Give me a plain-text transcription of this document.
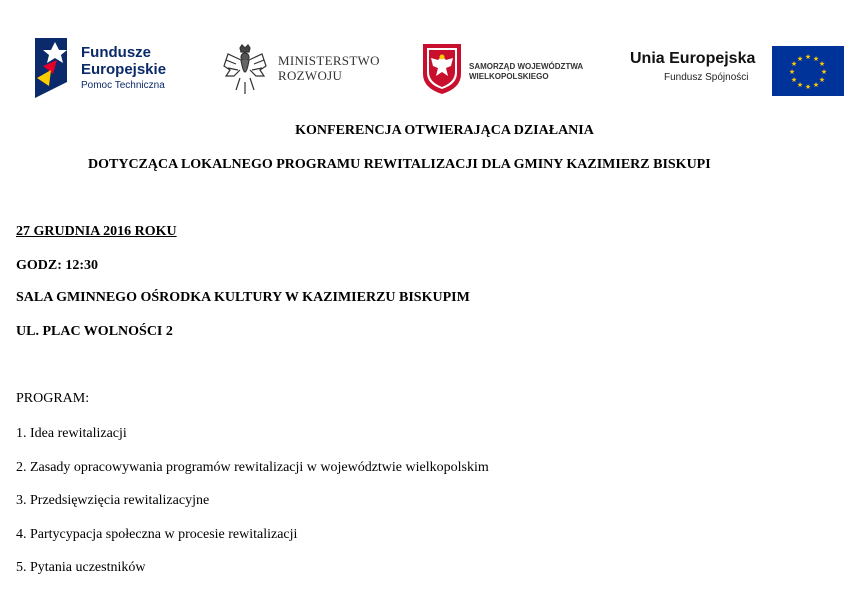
Fundusze
Europejskie
Pomoc Techniczna
MINISTERSTWO
ROZWOJU
SAMORZĄD WOJEWÓDZTWA
WIELKOPOLSKIEGO
Unia Europejska
Fundusz Spójności
★ ★
★
★
★
★
★
★
★
★
★
★
KONFERENCJA OTWIERAJĄCA DZIAŁANIA
DOTYCZĄCA LOKALNEGO PROGRAMU REWITALIZACJI DLA GMINY KAZIMIERZ BISKUPI
27 GRUDNIA 2016 ROKU
GODZ: 12:30
SALA GMINNEGO OŚRODKA KULTURY W KAZIMIERZU BISKUPIM
UL. PLAC WOLNOŚCI 2
PROGRAM:
1. Idea rewitalizacji
2. Zasady opracowywania programów rewitalizacji w województwie wielkopolskim
3. Przedsięwzięcia rewitalizacyjne
4. Partycypacja społeczna w procesie rewitalizacji
5. Pytania uczestników
